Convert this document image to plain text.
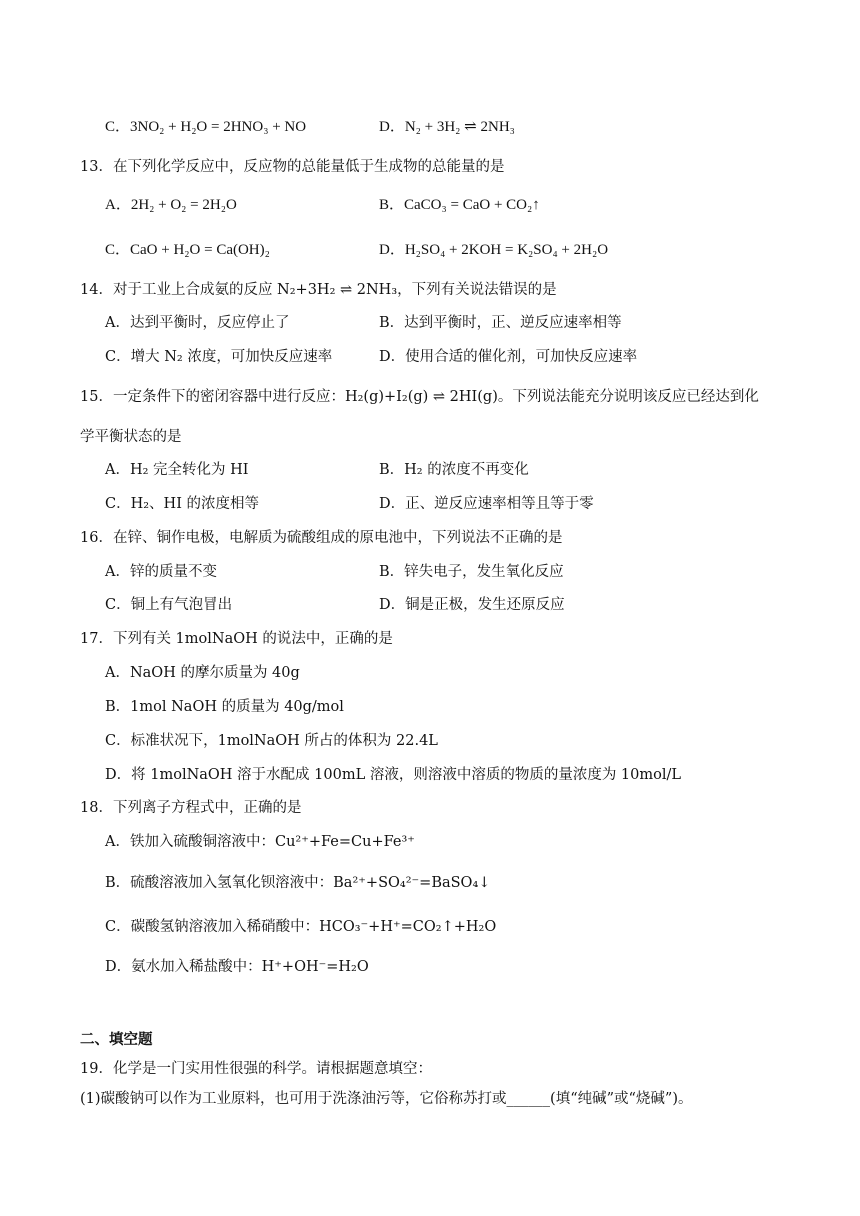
C．3NO₂ + H₂O = 2HNO₃ + NO	D．N₂ + 3H₂ ⇌ 2NH₃
13．在下列化学反应中，反应物的总能量低于生成物的总能量的是
A．2H₂ + O₂ = 2H₂O	B．CaCO₃ = CaO + CO₂↑
C．CaO + H₂O = Ca(OH)₂	D．H₂SO₄ + 2KOH = K₂SO₄ + 2H₂O
14．对于工业上合成氨的反应 N₂+3H₂ ⇌ 2NH₃，下列有关说法错误的是
A．达到平衡时，反应停止了	B．达到平衡时，正、逆反应速率相等
C．增大 N₂ 浓度，可加快反应速率	D．使用合适的催化剂，可加快反应速率
15．一定条件下的密闭容器中进行反应：H₂(g)+I₂(g) ⇌ 2HI(g)。下列说法能充分说明该反应已经达到化
学平衡状态的是
A．H₂ 完全转化为 HI	B．H₂ 的浓度不再变化
C．H₂、HI 的浓度相等	D．正、逆反应速率相等且等于零
16．在锌、铜作电极，电解质为硫酸组成的原电池中，下列说法不正确的是
A．锌的质量不变	B．锌失电子，发生氧化反应
C．铜上有气泡冒出	D．铜是正极，发生还原反应
17．下列有关 1molNaOH 的说法中，正确的是
A．NaOH 的摩尔质量为 40g
B．1mol NaOH 的质量为 40g/mol
C．标准状况下，1molNaOH 所占的体积为 22.4L
D．将 1molNaOH 溶于水配成 100mL 溶液，则溶液中溶质的物质的量浓度为 10mol/L
18．下列离子方程式中，正确的是
A．铁加入硫酸铜溶液中：Cu²⁺+Fe=Cu+Fe³⁺
B．硫酸溶液加入氢氧化钡溶液中：Ba²⁺+SO₄²⁻=BaSO₄↓
C．碳酸氢钠溶液加入稀硝酸中：HCO₃⁻+H⁺=CO₂↑+H₂O
D．氨水加入稀盐酸中：H⁺+OH⁻=H₂O
二、填空题
19．化学是一门实用性很强的科学。请根据题意填空：
(1)碳酸钠可以作为工业原料，也可用于洗涤油污等，它俗称苏打或______(填“纯碱”或“烧碱”)。
